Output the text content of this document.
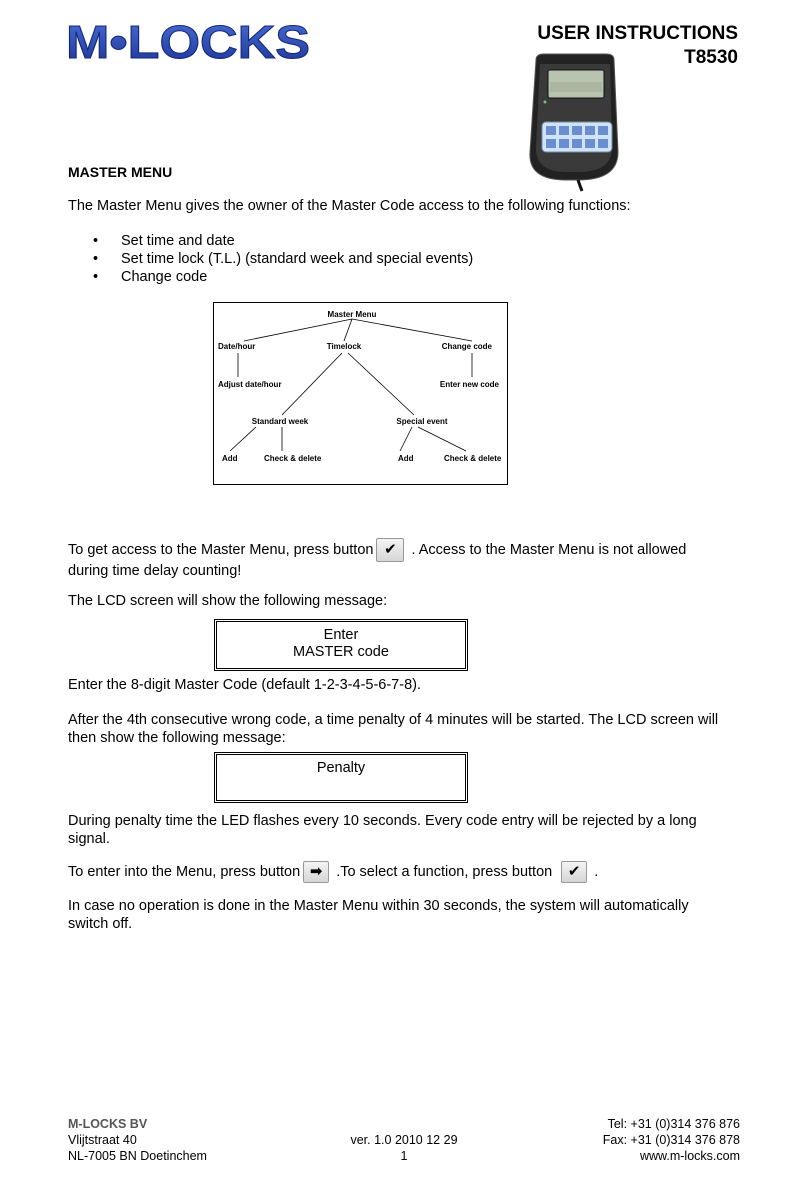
M•LOCKS	USER INSTRUCTIONS
T8530
MASTER MENU
The Master Menu gives the owner of the Master Code access to the following functions:
• Set time and date
• Set time lock (T.L.) (standard week and special events)
• Change code
Master Menu
Date/hour	Timelock	Change code
Adjust date/hour	Enter new code
Standard week	Special event
Add	Check & delete	Add	Check & delete
To get access to the Master Menu, press button ✔ . Access to the Master Menu is not allowed
during time delay counting!
The LCD screen will show the following message:
Enter
MASTER code
Enter the 8-digit Master Code (default 1-2-3-4-5-6-7-8).
After the 4th consecutive wrong code, a time penalty of 4 minutes will be started. The LCD screen will
then show the following message:
Penalty
During penalty time the LED flashes every 10 seconds. Every code entry will be rejected by a long
signal.
To enter into the Menu, press button ➡ .To select a function, press button ✔ .
In case no operation is done in the Master Menu within 30 seconds, the system will automatically
switch off.
M-LOCKS BV
Vlijtstraat 40
NL-7005 BN Doetinchem
ver. 1.0 2010 12 29
1
Tel: +31 (0)314 376 876
Fax: +31 (0)314 376 878
www.m-locks.com
